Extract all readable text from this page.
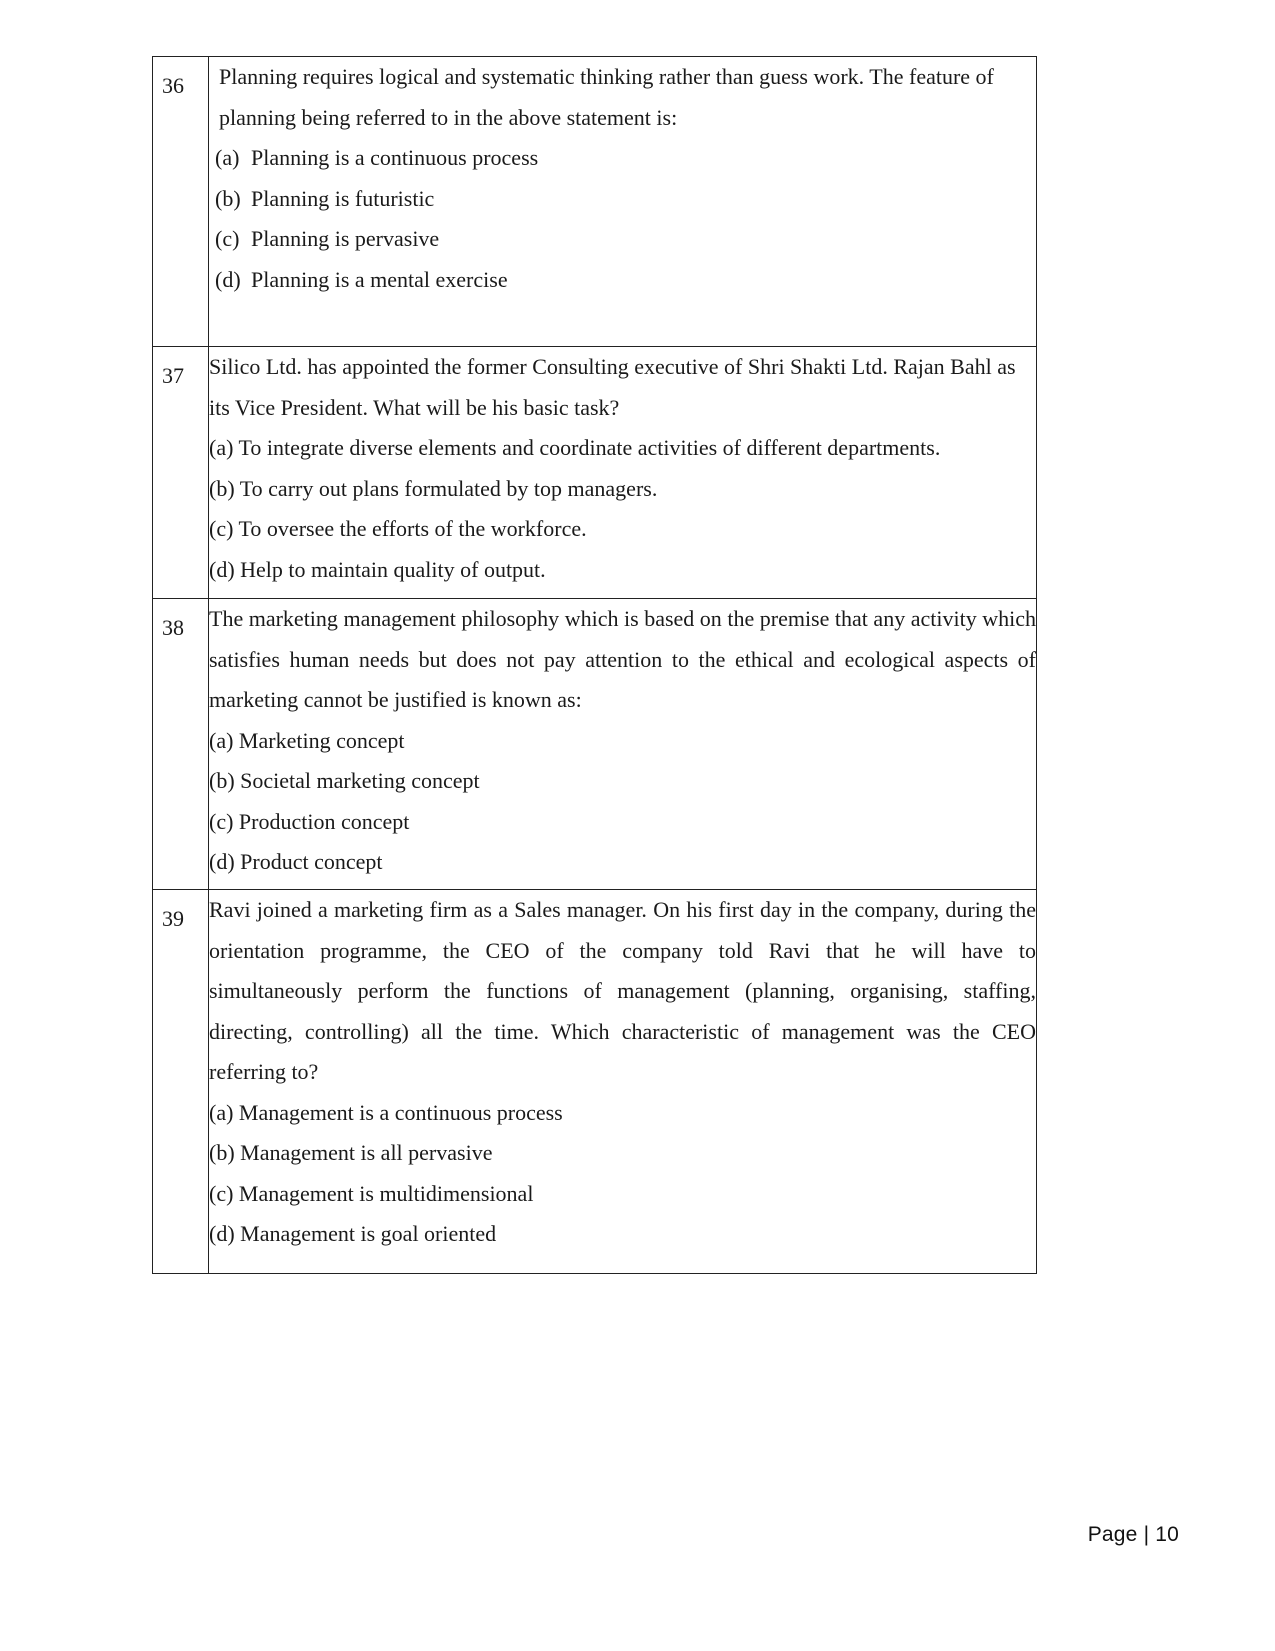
36	Planning requires logical and systematic thinking rather than guess work. The feature of planning being referred to in the above statement is:

(a) Planning is a continuous process
(b) Planning is futuristic
(c) Planning is pervasive
(d) Planning is a mental exercise

37	Silico Ltd. has appointed the former Consulting executive of Shri Shakti Ltd. Rajan Bahl as its Vice President. What will be his basic task?

(a) To integrate diverse elements and coordinate activities of different departments.
(b) To carry out plans formulated by top managers.
(c) To oversee the efforts of the workforce.
(d) Help to maintain quality of output.

38	The marketing management philosophy which is based on the premise that any activity which satisfies human needs but does not pay attention to the ethical and ecological aspects of marketing cannot be justified is known as:

(a) Marketing concept
(b) Societal marketing concept
(c) Production concept
(d) Product concept

39	Ravi joined a marketing firm as a Sales manager. On his first day in the company, during the orientation programme, the CEO of the company told Ravi that he will have to simultaneously perform the functions of management (planning, organising, staffing, directing, controlling) all the time. Which characteristic of management was the CEO referring to?

(a) Management is a continuous process
(b) Management is all pervasive
(c) Management is multidimensional
(d) Management is goal oriented
Page | 10
